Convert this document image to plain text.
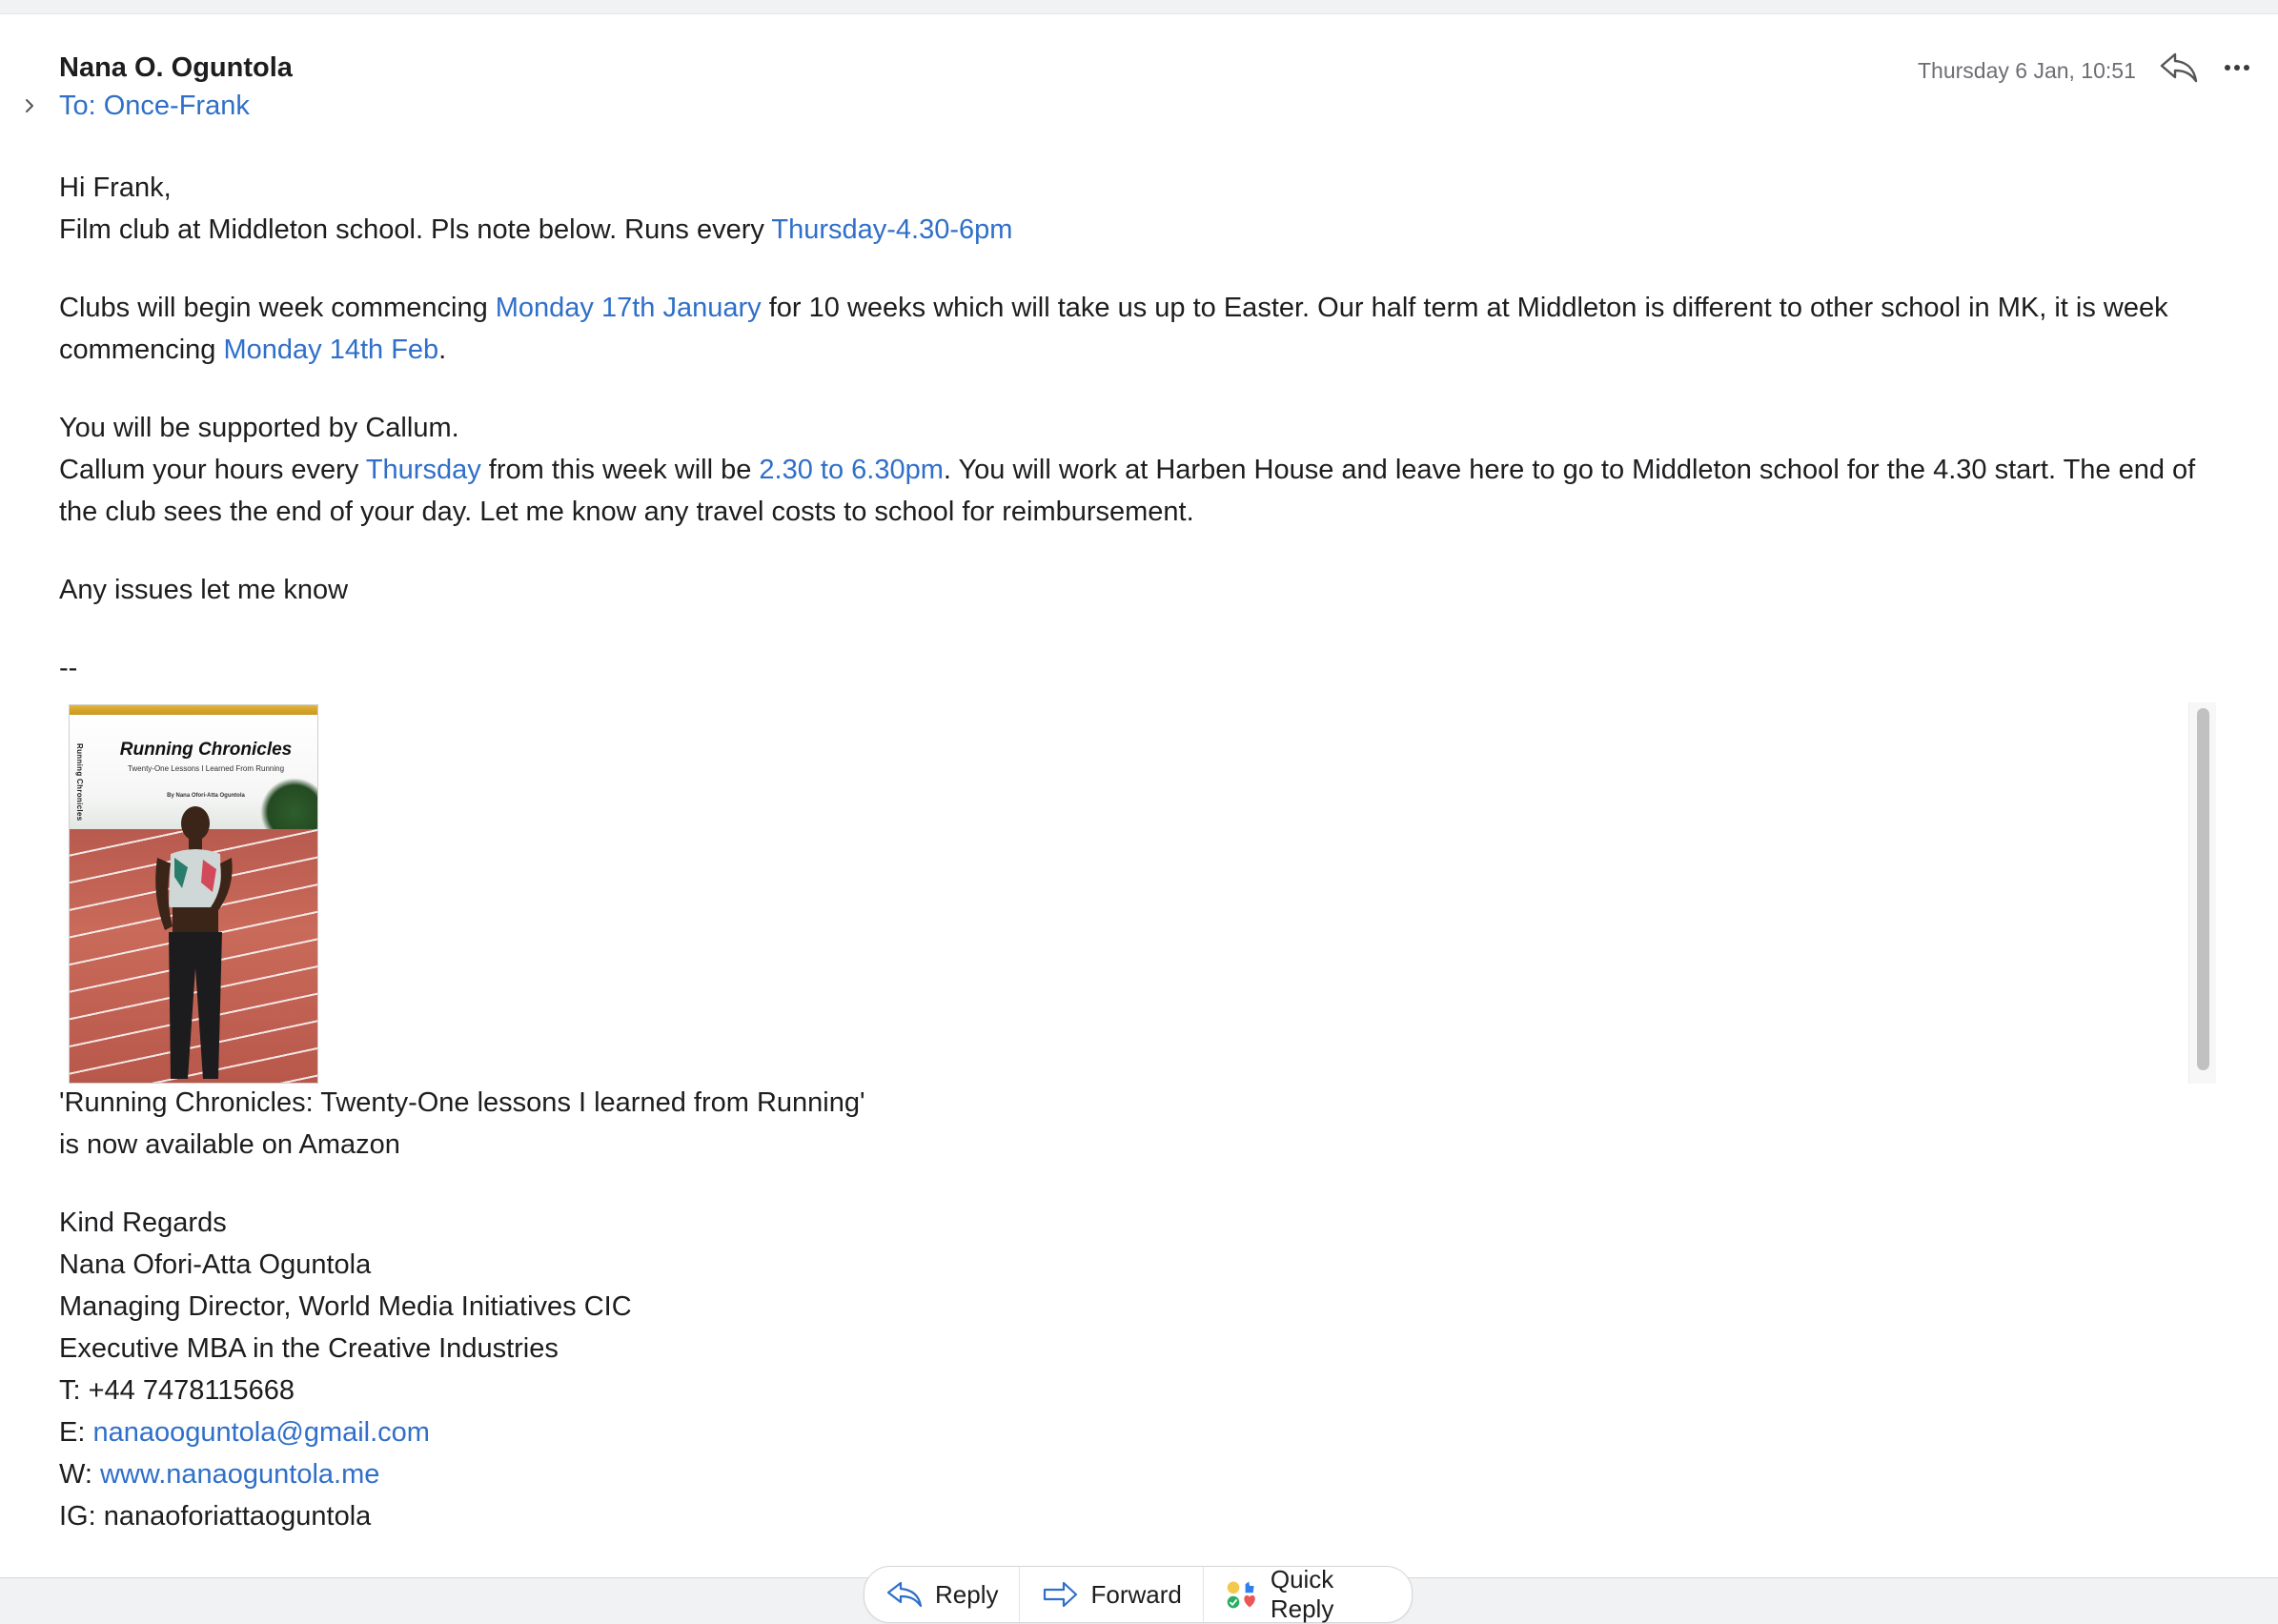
Nana O. Oguntola
To: Once-Frank
Thursday 6 Jan, 10:51

Hi Frank,

Film club at Middleton school. Pls note below. Runs every Thursday-4.30-6pm

Clubs will begin week commencing Monday 17th January for 10 weeks which will take us up to Easter. Our half term at Middleton is different to other school in MK, it is week commencing Monday 14th Feb.

You will be supported by Callum.

Callum your hours every Thursday from this week will be 2.30 to 6.30pm. You will work at Harben House and leave here to go to Middleton school for the 4.30 start. The end of the club sees the end of your day. Let me know any travel costs to school for reimbursement.

Any issues let me know

--

Running Chronicles	Running Chronicles
Twenty-One Lessons I Learned From Running
By Nana Ofori-Atta Oguntola

'Running Chronicles: Twenty-One lessons I learned from Running'

is now available on Amazon

Kind Regards

Nana Ofori-Atta Oguntola

Managing Director, World Media Initiatives CIC

Executive MBA in the Creative Industries

T: +44 7478115668

E: nanaooguntola@gmail.com

W: www.nanaoguntola.me

IG: nanaoforiattaoguntola

Reply	Forward
Quick Reply
